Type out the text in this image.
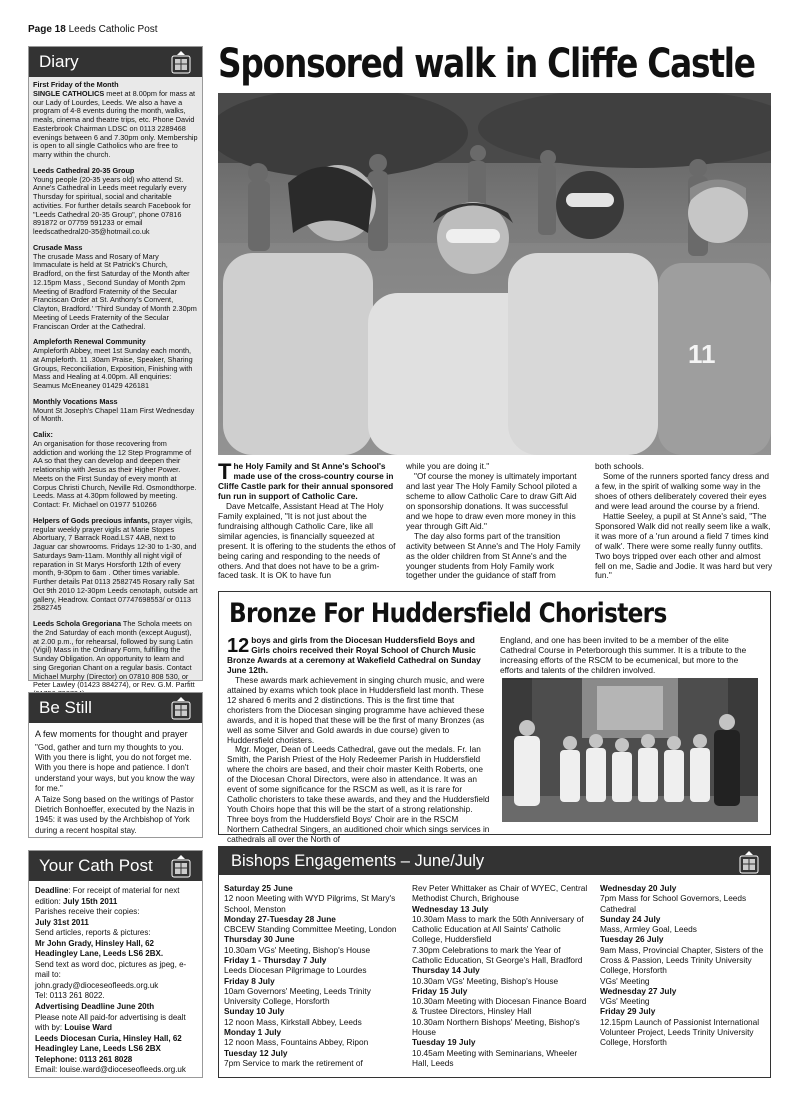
Page 18 Leeds Catholic Post
Diary

First Friday of the Month
SINGLE CATHOLICS meet at 8.00pm for mass at our Lady of Lourdes, Leeds. We also a have a program of 4-8 events during the month, walks, meals, cinema and theatre trips, etc. Phone David Easterbrook Chairman LDSC on 0113 2289468 evenings between 6 and 7.30pm only. Membership is open to all single Catholics who are free to marry within the church.

Leeds Cathedral 20-35 Group
Young people (20-35 years old) who attend St. Anne's Cathedral in Leeds meet regularly every Thursday for spiritual, social and charitable activities. For further details search Facebook for "Leeds Cathedral 20-35 Group", phone 07816 891872 or 07759 591233 or email leedscathedral20-35@hotmail.co.uk

Crusade Mass
The crusade Mass and Rosary of Mary Immaculate is held at St Patrick's Church, Bradford, on the first Saturday of the Month after 12.15pm Mass , Second Sunday of Month 2pm Meeting of Bradford Fraternity of the Secular Franciscan Order at St. Anthony's Convent, Clayton, Bradford.' 'Third Sunday of Month 2.30pm Meeting of Leeds Fraternity of the Secular Franciscan Order at the Cathedral.

Ampleforth Renewal Community
Ampleforth Abbey, meet 1st Sunday each month, at Ampleforth. 11 .30am Praise, Speaker, Sharing Groups, Reconciliation, Exposition, Finishing with Mass and Healing at 4.00pm. All enquiries: Seamus McEneaney 01429 426181

Monthly Vocations Mass
Mount St Joseph's Chapel 11am First Wednesday of Month.

Calix:
An organisation for those recovering from addiction and working the 12 Step Programme of AA so that they can develop and deepen their relationship with Jesus as their Higher Power. Meets on the First Sunday of every month at Corpus Christi Church, Neville Rd. Osmondthorpe. Leeds. Mass at 4.30pm followed by meeting. Contact: Fr. Michael on 01977 510266

Helpers of Gods precious infants, prayer vigils, regular weekly prayer vigils at Marie Stopes Abortuary, 7 Barrack Road.LS7 4AB, next to Jaguar car showrooms. Fridays 12-30 to 1-30, and Saturdays 9am-11am. Monthly all night vigil of reparation in St Marys Horsforth 12th of every month, 9-30pm to 6am . Other times variable. Further details Pat 0113 2582745 Rosary rally Sat Oct 9th 2010 12-30pm Leeds cenotaph, outside art gallery, Headrow. Contact 07747698553/ or 0113 2582745

Leeds Schola Gregoriana The Schola meets on the 2nd Saturday of each month (except August), at 2.00 p.m., for rehearsal, followed by sung Latin (Vigil) Mass in the Ordinary Form, fulfilling the Sunday Obligation. An opportunity to learn and sing Gregorian Chant on a regular basis. Contact Michael Murphy (Director) on 07810 808 530, or Peter Lawley (01423 884274), or Rev. G.M. Parfitt

Be Still
A few moments for thought and prayer
"God, gather and turn my thoughts to you. With you there is light, you do not forget me. With you there is hope and patience. I don't understand your ways, but you know the way for me."
A Taize Song based on the writings of Pastor Dietrich Bonhoeffer, executed by the Nazis in 1945: it was used by the Archbishop of York during a recent hospital stay.
Your Cath Post
Deadline: For receipt of material for next edition: July 15th 2011
Parishes receive their copies:
July 31st 2011
Send articles, reports & pictures:
Mr John Grady, Hinsley Hall, 62
Headingley Lane, Leeds LS6 2BX.
Send text as word doc, pictures as jpeg, e-mail to:
john.grady@dioceseofleeds.org.uk
Tel: 0113 261 8022.
Advertising Deadline June 20th
Please note All paid-for advertising is dealt with by: Louise Ward
Leeds Diocesan Curia, Hinsley Hall, 62
Headingley Lane, Leeds LS6 2BX
Telephone: 0113 261 8028
Email: louise.ward@dioceseofleeds.org.uk
Sponsored walk in Cliffe Castle
11
The Holy Family and St Anne's School's made use of the cross-country course in Cliffe Castle park for their annual sponsored fun run in support of Catholic Care.
Dave Metcalfe, Assistant Head at The Holy Family explained, "It is not just about the fundraising although Catholic Care, like all similar agencies, is financially squeezed at present. It is offering to the students the ethos of being caring and responding to the needs of others. And that does not have to be a grim-faced task. It is OK to have fun
while you are doing it."
"Of course the money is ultimately important and last year The Holy Family School piloted a scheme to allow Catholic Care to draw Gift Aid on sponsorship donations. It was successful and we hope to draw even more money in this year through Gift Aid."
The day also forms part of the transition activity between St Anne's and The Holy Family as the older children from St Anne's and the younger students from Holy Family work together under the guidance of staff from
both schools.
Some of the runners sported fancy dress and a few, in the spirit of walking some way in the shoes of others deliberately covered their eyes and were lead around the course by a friend.
Hattie Seeley, a pupil at St Anne's said, "The Sponsored Walk did not really seem like a walk, it was more of a 'run around a field 7 times kind of walk'. There were some really funny outfits. Two boys tripped over each other and almost fell on me, Sadie and Jodie. It was hard but very fun."
Bronze For Huddersfield Choristers
12 boys and girls from the Diocesan Huddersfield Boys and Girls choirs received their Royal School of Church Music Bronze Awards at a ceremony at Wakefield Cathedral on Sunday June 12th.
These awards mark achievement in singing church music, and were attained by exams which took place in Huddersfield last month. These 12 shared 6 merits and 2 distinctions. This is the first time that choristers from the Diocesan singing programme have achieved these awards, and it is hoped that these will be the first of many Bronzes (as well as some Silver and Gold awards in due course) given to Huddersfield choristers.
Mgr. Moger, Dean of Leeds Cathedral, gave out the medals. Fr. Ian Smith, the Parish Priest of the Holy Redeemer Parish in Huddersfield where the choirs are based, and their choir master Keith Roberts, one of the Diocesan Choral Directors, were also in attendance. It was an event of some significance for the RSCM as well, as it is rare for Catholic choristers to take these awards, and they and the Huddersfield Youth Choirs hope that this will be the start of a strong relationship. Three boys from the Huddersfield Boys' Choir are in the RSCM Northern Cathedral Singers, an auditioned choir which sings services in cathedrals all over the North of
England, and one has been invited to be a member of the elite Cathedral Course in Peterborough this summer. It is a tribute to the increasing efforts of the RSCM to be ecumenical, but more to the efforts and talents of the children involved.
Bishops Engagements – June/July
Saturday 25 June
12 noon Meeting with WYD Pilgrims, St Mary's School, Menston
Monday 27-Tuesday 28 June
CBCEW Standing Committee Meeting, London
Thursday 30 June
10.30am VGs' Meeting, Bishop's House
Friday 1 - Thursday 7 July
Leeds Diocesan Pilgrimage to Lourdes
Friday 8 July
10am Governors' Meeting, Leeds Trinity University College, Horsforth
Sunday 10 July
12 noon Mass, Kirkstall Abbey, Leeds
Monday 1 July
12 noon Mass, Fountains Abbey, Ripon
Tuesday 12 July
7pm Service to mark the retirement of
Rev Peter Whittaker as Chair of WYEC, Central Methodist Church, Brighouse
Wednesday 13 July
10.30am Mass to mark the 50th Anniversary of Catholic Education at All Saints' Catholic College, Huddersfield
7.30pm Celebrations to mark the Year of Catholic Education, St George's Hall, Bradford
Thursday 14 July
10.30am VGs' Meeting, Bishop's House
Friday 15 July
10.30am Meeting with Diocesan Finance Board & Trustee Directors, Hinsley Hall
10.30am Northern Bishops' Meeting, Bishop's House
Tuesday 19 July
10.45am Meeting with Seminarians, Wheeler Hall, Leeds
Wednesday 20 July
7pm Mass for School Governors, Leeds Cathedral
Sunday 24 July
Mass, Armley Goal, Leeds
Tuesday 26 July
9am Mass, Provincial Chapter, Sisters of the Cross & Passion, Leeds Trinity University College, Horsforth
VGs' Meeting
Wednesday 27 July
VGs' Meeting
Friday 29 July
12.15pm Launch of Passionist International Volunteer Project, Leeds Trinity University College, Horsforth
